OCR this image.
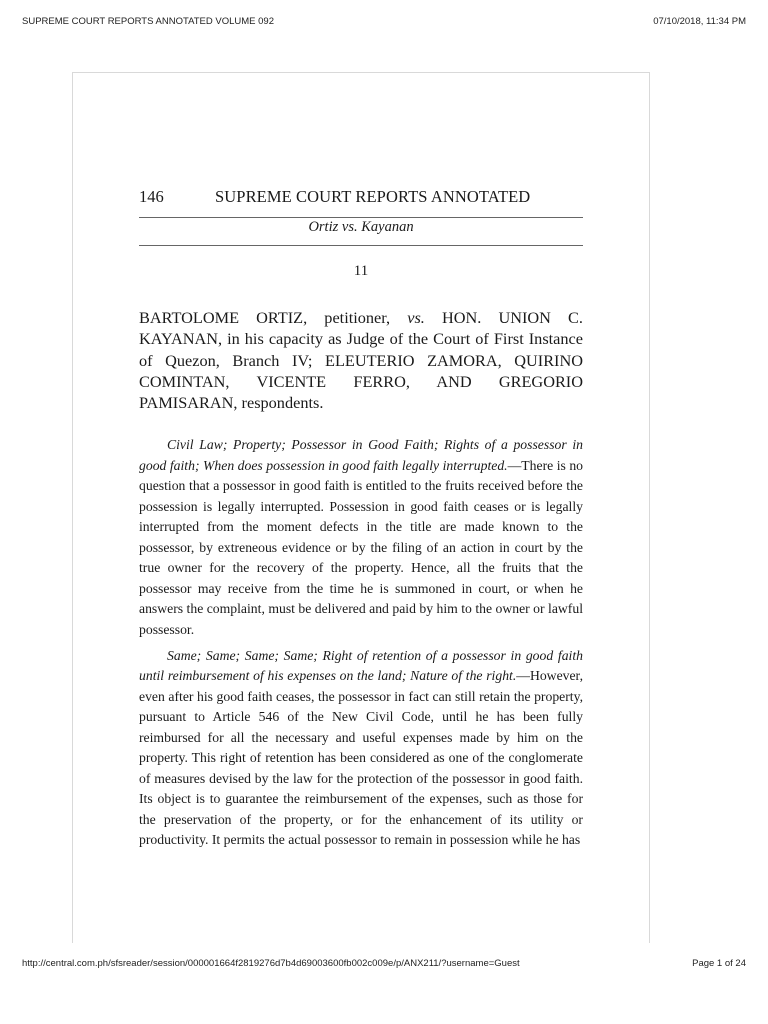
SUPREME COURT REPORTS ANNOTATED VOLUME 092	07/10/2018, 11:34 PM
146	SUPREME COURT REPORTS ANNOTATED
Ortiz vs. Kayanan
11
BARTOLOME ORTIZ, petitioner, vs. HON. UNION C. KAYANAN, in his capacity as Judge of the Court of First Instance of Quezon, Branch IV; ELEUTERIO ZAMORA, QUIRINO COMINTAN, VICENTE FERRO, AND GREGORIO PAMISARAN, respondents.

Civil Law; Property; Possessor in Good Faith; Rights of a possessor in good faith; When does possession in good faith legally interrupted.—There is no question that a possessor in good faith is entitled to the fruits received before the possession is legally interrupted. Possession in good faith ceases or is legally interrupted from the moment defects in the title are made known to the possessor, by extreneous evidence or by the filing of an action in court by the true owner for the recovery of the property. Hence, all the fruits that the possessor may receive from the time he is summoned in court, or when he answers the complaint, must be delivered and paid by him to the owner or lawful possessor.

Same; Same; Same; Same; Right of retention of a possessor in good faith until reimbursement of his expenses on the land; Nature of the right.—However, even after his good faith ceases, the possessor in fact can still retain the property, pursuant to Article 546 of the New Civil Code, until he has been fully reimbursed for all the necessary and useful expenses made by him on the property. This right of retention has been considered as one of the conglomerate of measures devised by the law for the protection of the possessor in good faith. Its object is to guarantee the reimbursement of the expenses, such as those for the preservation of the property, or for the enhancement of its utility or productivity. It permits the actual possessor to remain in possession while he has

http://central.com.ph/sfsreader/session/000001664f2819276d7b4d69003600fb002c009e/p/ANX211/?username=Guest	Page 1 of 24
